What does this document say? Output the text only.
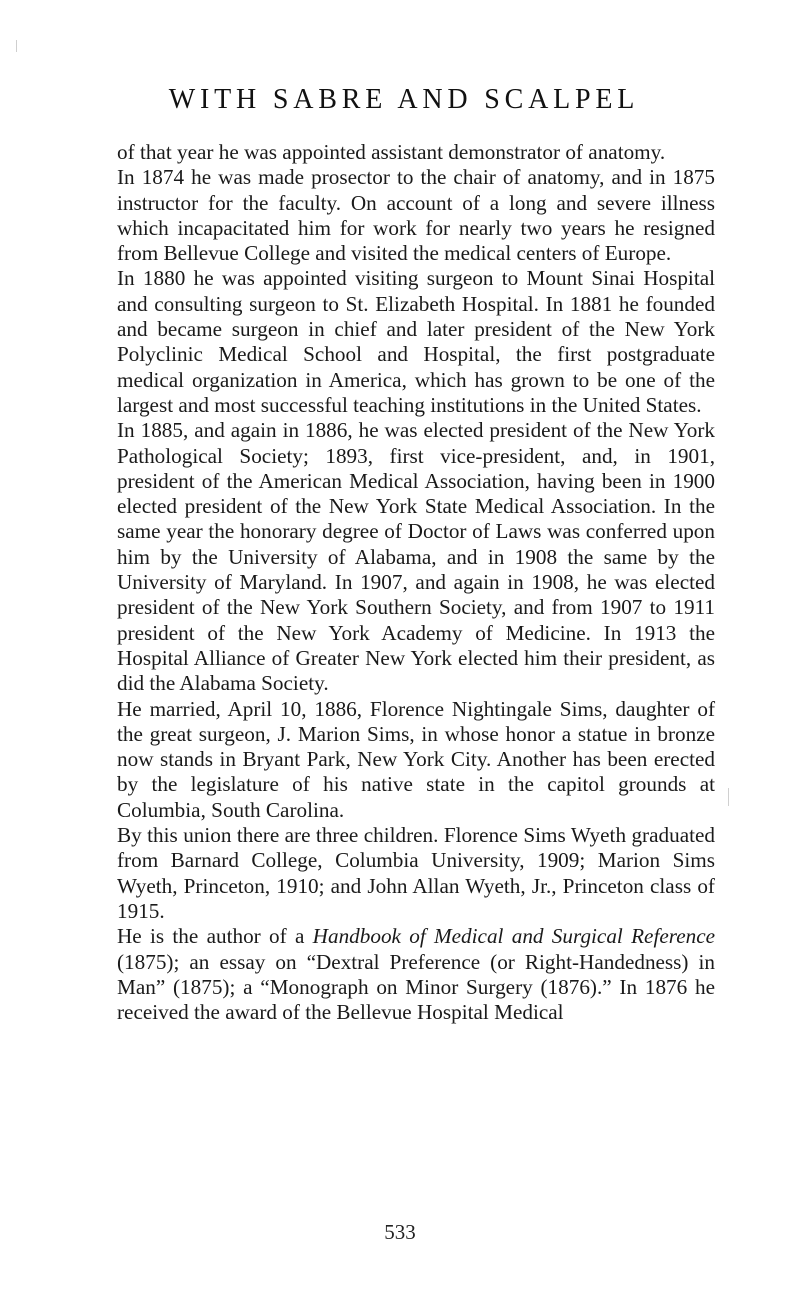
WITH SABRE AND SCALPEL

of that year he was appointed assistant demonstrator of anatomy.

In 1874 he was made prosector to the chair of anatomy, and in 1875 instructor for the faculty. On account of a long and severe illness which incapacitated him for work for nearly two years he resigned from Bellevue College and visited the medical centers of Europe.

In 1880 he was appointed visiting surgeon to Mount Sinai Hospital and consulting surgeon to St. Elizabeth Hospital. In 1881 he founded and became surgeon in chief and later president of the New York Polyclinic Medical School and Hospital, the first postgraduate medical organization in America, which has grown to be one of the largest and most successful teaching institutions in the United States.

In 1885, and again in 1886, he was elected president of the New York Pathological Society; 1893, first vice-president, and, in 1901, president of the American Medical Association, having been in 1900 elected president of the New York State Medical Association. In the same year the honorary degree of Doctor of Laws was conferred upon him by the University of Alabama, and in 1908 the same by the University of Maryland. In 1907, and again in 1908, he was elected president of the New York Southern Society, and from 1907 to 1911 president of the New York Academy of Medicine. In 1913 the Hospital Alliance of Greater New York elected him their president, as did the Alabama Society.

He married, April 10, 1886, Florence Nightingale Sims, daughter of the great surgeon, J. Marion Sims, in whose honor a statue in bronze now stands in Bryant Park, New York City. Another has been erected by the legislature of his native state in the capitol grounds at Columbia, South Carolina.

By this union there are three children. Florence Sims Wyeth graduated from Barnard College, Columbia University, 1909; Marion Sims Wyeth, Princeton, 1910; and John Allan Wyeth, Jr., Princeton class of 1915.

He is the author of a Handbook of Medical and Surgical Reference (1875); an essay on “Dextral Preference (or Right-Handedness) in Man” (1875); a “Monograph on Minor Surgery (1876).” In 1876 he received the award of the Bellevue Hospital Medical

533
